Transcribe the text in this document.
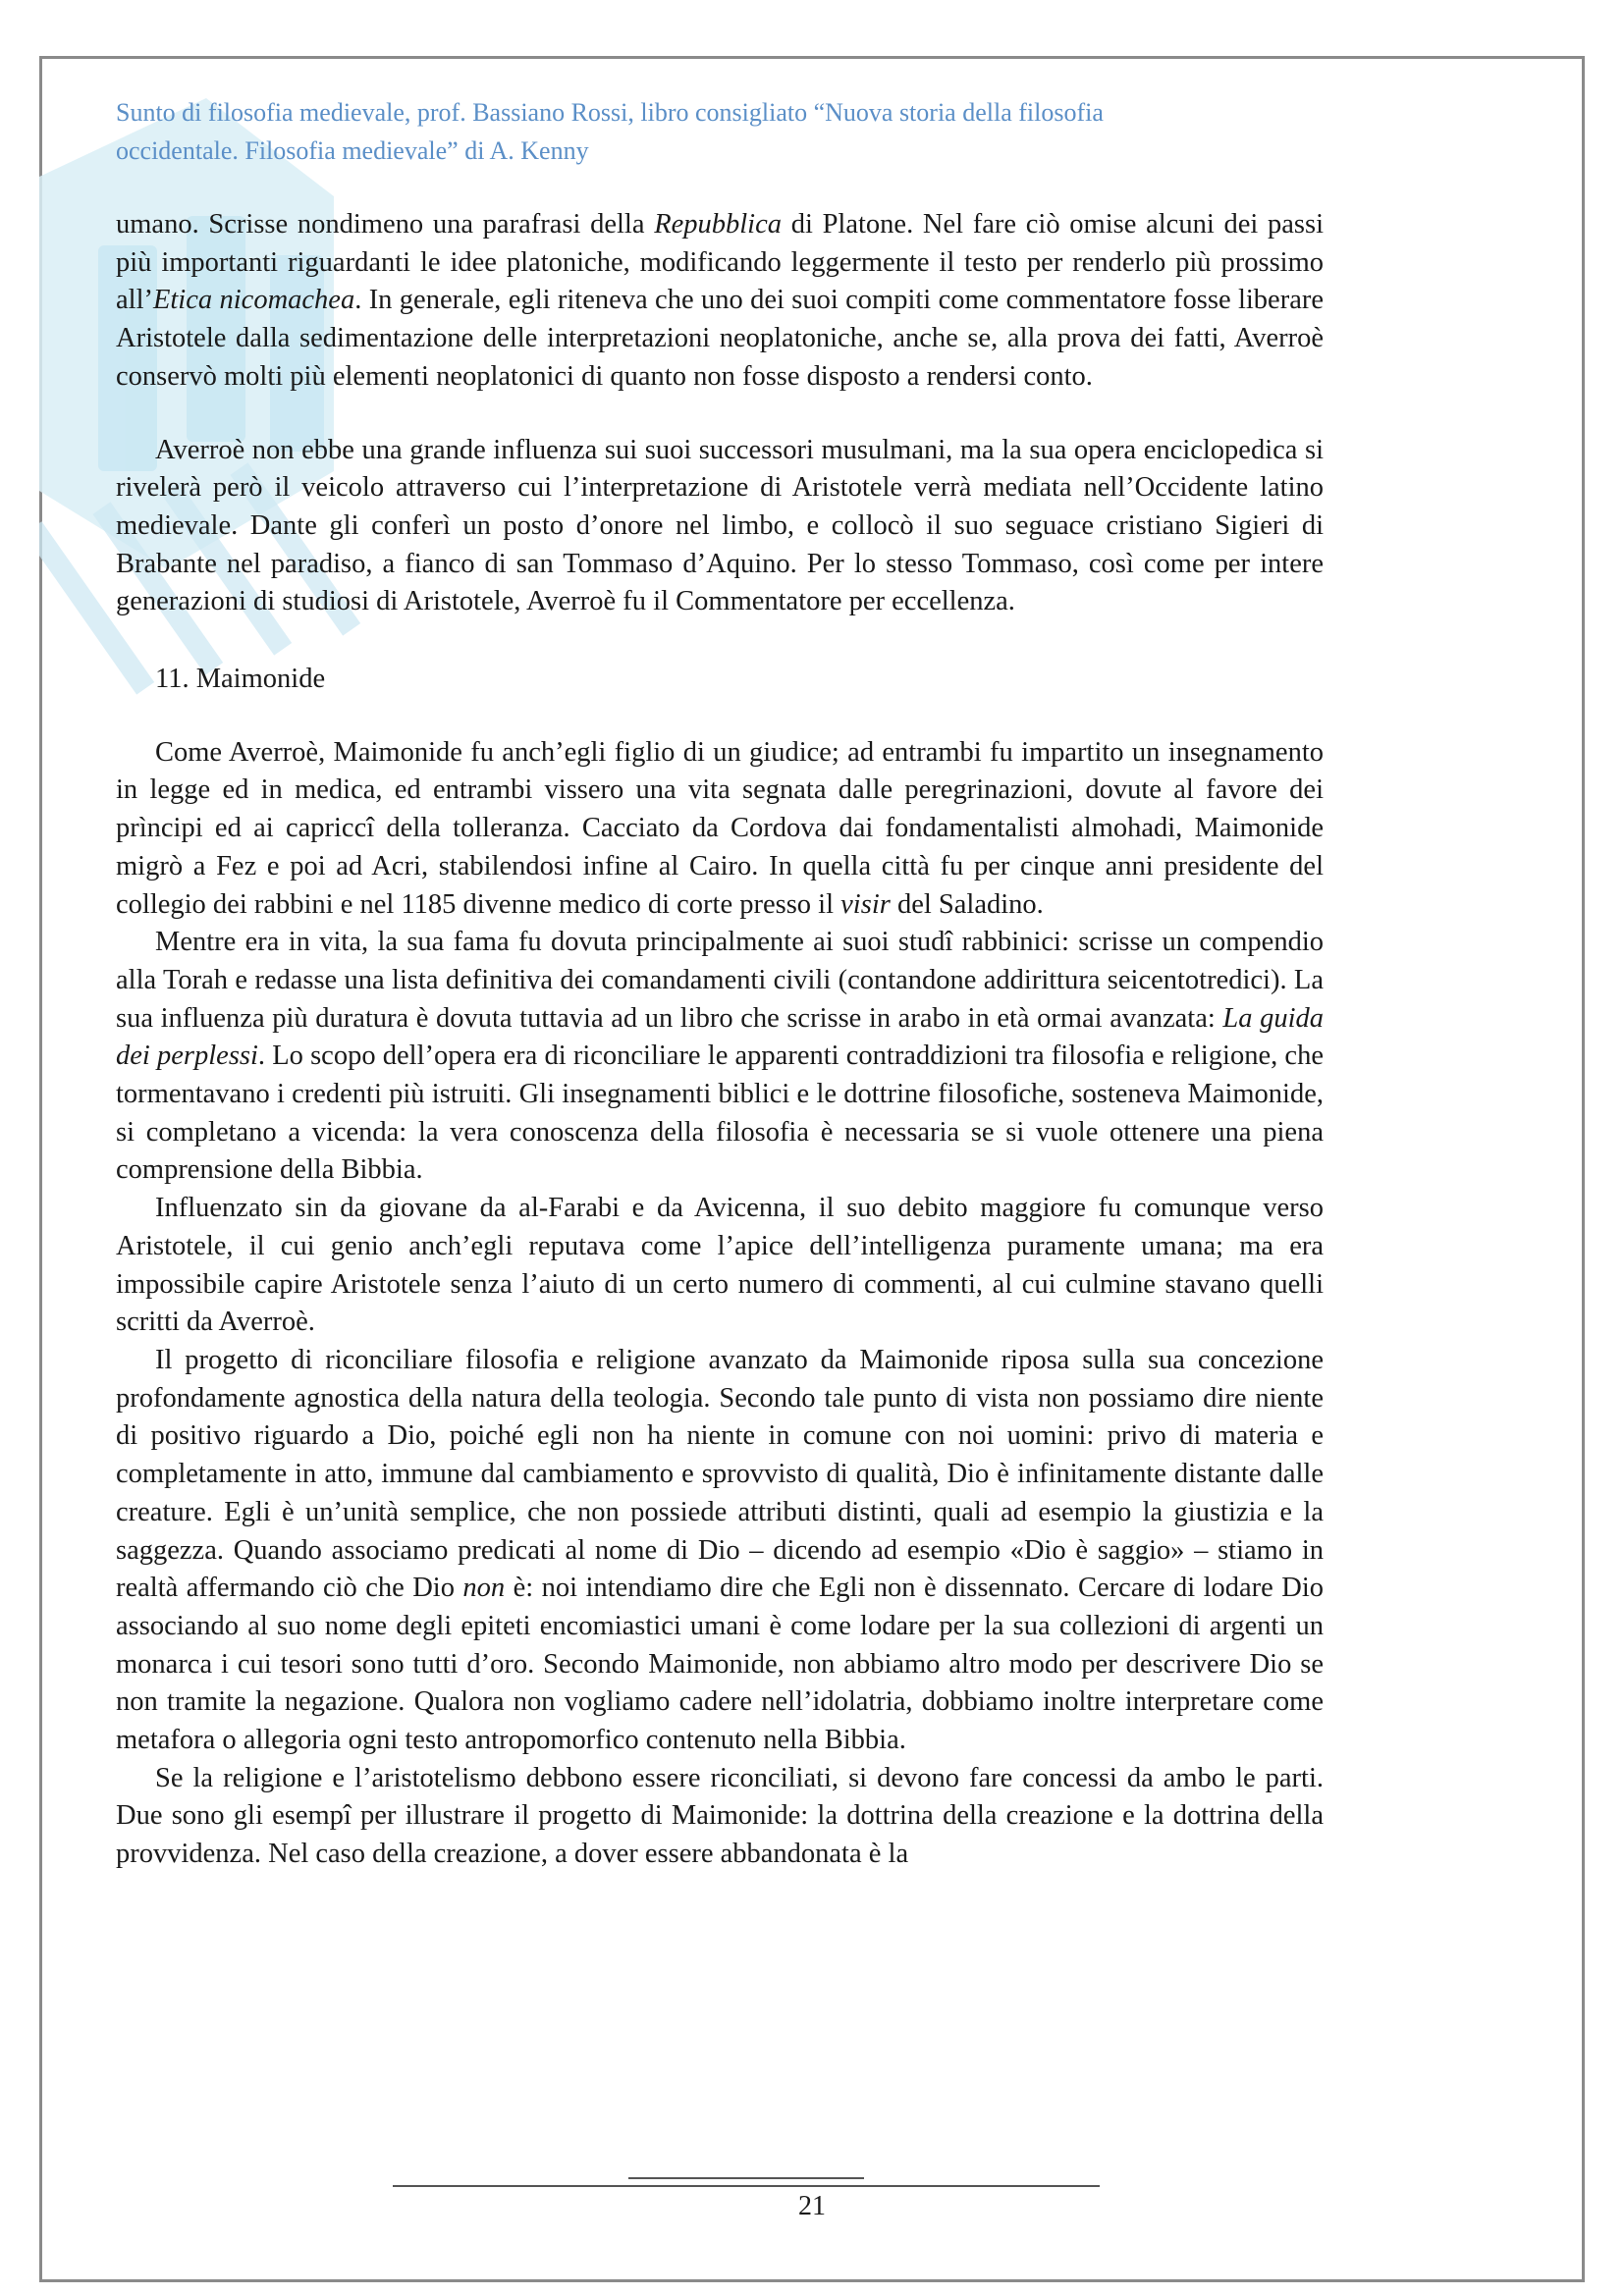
Sunto di filosofia medievale, prof. Bassiano Rossi, libro consigliato “Nuova storia della filosofia
occidentale. Filosofia medievale” di A. Kenny

umano. Scrisse nondimeno una parafrasi della Repubblica di Platone. Nel fare ciò omise alcuni dei passi più importanti riguardanti le idee platoniche, modificando leggermente il testo per renderlo più prossimo all’Etica nicomachea. In generale, egli riteneva che uno dei suoi compiti come commentatore fosse liberare Aristotele dalla sedimentazione delle interpretazioni neoplatoniche, anche se, alla prova dei fatti, Averroè conservò molti più elementi neoplatonici di quanto non fosse disposto a rendersi conto.

Averroè non ebbe una grande influenza sui suoi successori musulmani, ma la sua opera enciclopedica si rivelerà però il veicolo attraverso cui l’interpretazione di Aristotele verrà mediata nell’Occidente latino medievale. Dante gli conferì un posto d’onore nel limbo, e collocò il suo seguace cristiano Sigieri di Brabante nel paradiso, a fianco di san Tommaso d’Aquino. Per lo stesso Tommaso, così come per intere generazioni di studiosi di Aristotele, Averroè fu il Commentatore per eccellenza.

11. Maimonide

Come Averroè, Maimonide fu anch’egli figlio di un giudice; ad entrambi fu impartito un insegnamento in legge ed in medica, ed entrambi vissero una vita segnata dalle peregrinazioni, dovute al favore dei prìncipi ed ai capriccî della tolleranza. Cacciato da Cordova dai fondamentalisti almohadi, Maimonide migrò a Fez e poi ad Acri, stabilendosi infine al Cairo. In quella città fu per cinque anni presidente del collegio dei rabbini e nel 1185 divenne medico di corte presso il visir del Saladino.

Mentre era in vita, la sua fama fu dovuta principalmente ai suoi studî rabbinici: scrisse un compendio alla Torah e redasse una lista definitiva dei comandamenti civili (contandone addirittura seicentotredici). La sua influenza più duratura è dovuta tuttavia ad un libro che scrisse in arabo in età ormai avanzata: La guida dei perplessi. Lo scopo dell’opera era di riconciliare le apparenti contraddizioni tra filosofia e religione, che tormentavano i credenti più istruiti. Gli insegnamenti biblici e le dottrine filosofiche, sosteneva Maimonide, si completano a vicenda: la vera conoscenza della filosofia è necessaria se si vuole ottenere una piena comprensione della Bibbia.

Influenzato sin da giovane da al-Farabi e da Avicenna, il suo debito maggiore fu comunque verso Aristotele, il cui genio anch’egli reputava come l’apice dell’intelligenza puramente umana; ma era impossibile capire Aristotele senza l’aiuto di un certo numero di commenti, al cui culmine stavano quelli scritti da Averroè.

Il progetto di riconciliare filosofia e religione avanzato da Maimonide riposa sulla sua concezione profondamente agnostica della natura della teologia. Secondo tale punto di vista non possiamo dire niente di positivo riguardo a Dio, poiché egli non ha niente in comune con noi uomini: privo di materia e completamente in atto, immune dal cambiamento e sprovvisto di qualità, Dio è infinitamente distante dalle creature. Egli è un’unità semplice, che non possiede attributi distinti, quali ad esempio la giustizia e la saggezza. Quando associamo predicati al nome di Dio – dicendo ad esempio «Dio è saggio» – stiamo in realtà affermando ciò che Dio non è: noi intendiamo dire che Egli non è dissennato. Cercare di lodare Dio associando al suo nome degli epiteti encomiastici umani è come lodare per la sua collezioni di argenti un monarca i cui tesori sono tutti d’oro. Secondo Maimonide, non abbiamo altro modo per descrivere Dio se non tramite la negazione. Qualora non vogliamo cadere nell’idolatria, dobbiamo inoltre interpretare come metafora o allegoria ogni testo antropomorfico contenuto nella Bibbia.

Se la religione e l’aristotelismo debbono essere riconciliati, si devono fare concessi da ambo le parti. Due sono gli esempî per illustrare il progetto di Maimonide: la dottrina della creazione e la dottrina della provvidenza. Nel caso della creazione, a dover essere abbandonata è la

21
